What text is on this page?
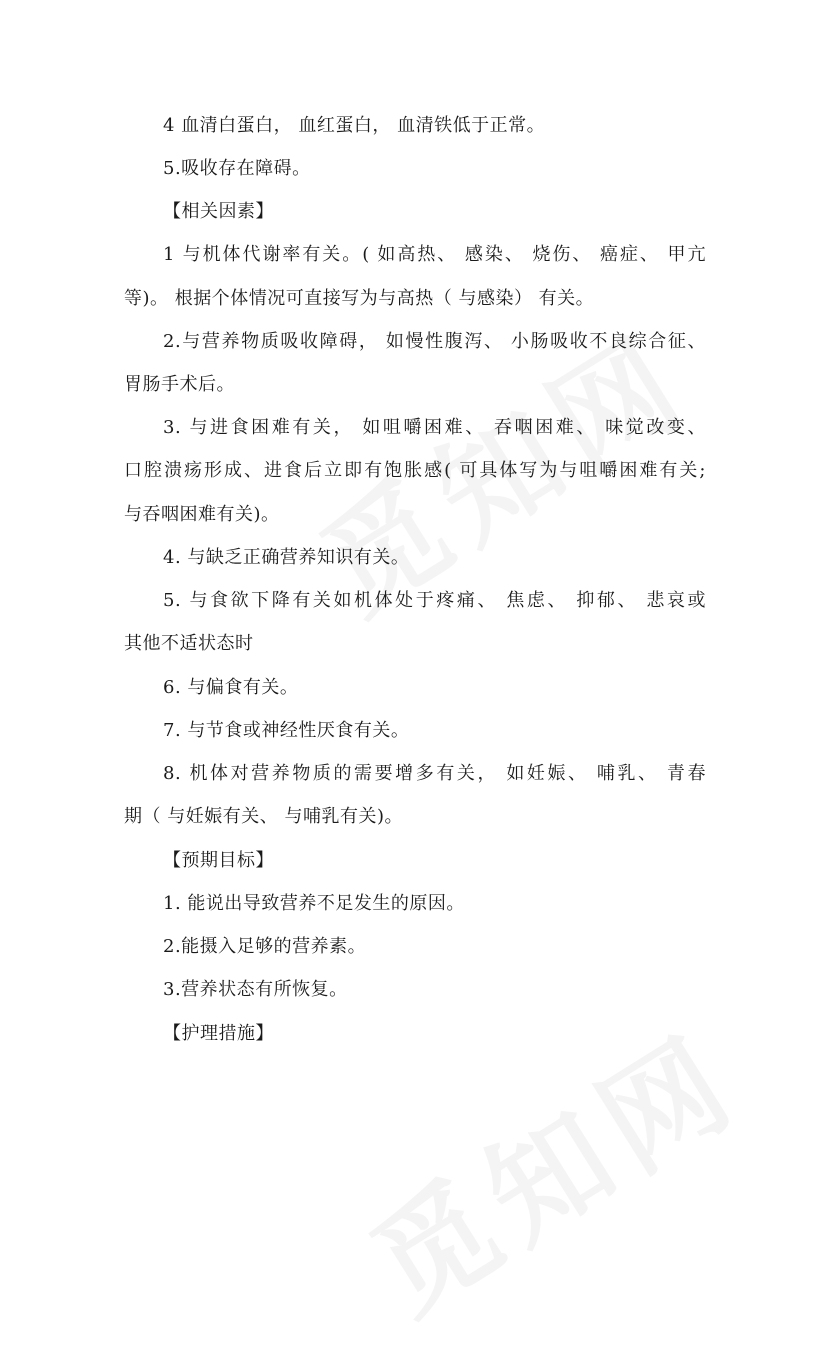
4 血清白蛋白， 血红蛋白， 血清铁低于正常。
5.吸收存在障碍。
【相关因素】
1 与机体代谢率有关。( 如高热、 感染、 烧伤、 癌症、 甲亢
等)。 根据个体情况可直接写为与高热（ 与感染） 有关。
2.与营养物质吸收障碍， 如慢性腹泻、 小肠吸收不良综合征、
胃肠手术后。
3. 与进食困难有关， 如咀嚼困难、 吞咽困难、 味觉改变、
口腔溃疡形成、进食后立即有饱胀感( 可具体写为与咀嚼困难有关;
与吞咽困难有关)。
4. 与缺乏正确营养知识有关。
5. 与食欲下降有关如机体处于疼痛、 焦虑、 抑郁、 悲哀或
其他不适状态时
6. 与偏食有关。
7. 与节食或神经性厌食有关。
8. 机体对营养物质的需要增多有关， 如妊娠、 哺乳、 青春
期（ 与妊娠有关、 与哺乳有关)。
【预期目标】
1. 能说出导致营养不足发生的原因。
2.能摄入足够的营养素。
3.营养状态有所恢复。
【护理措施】
